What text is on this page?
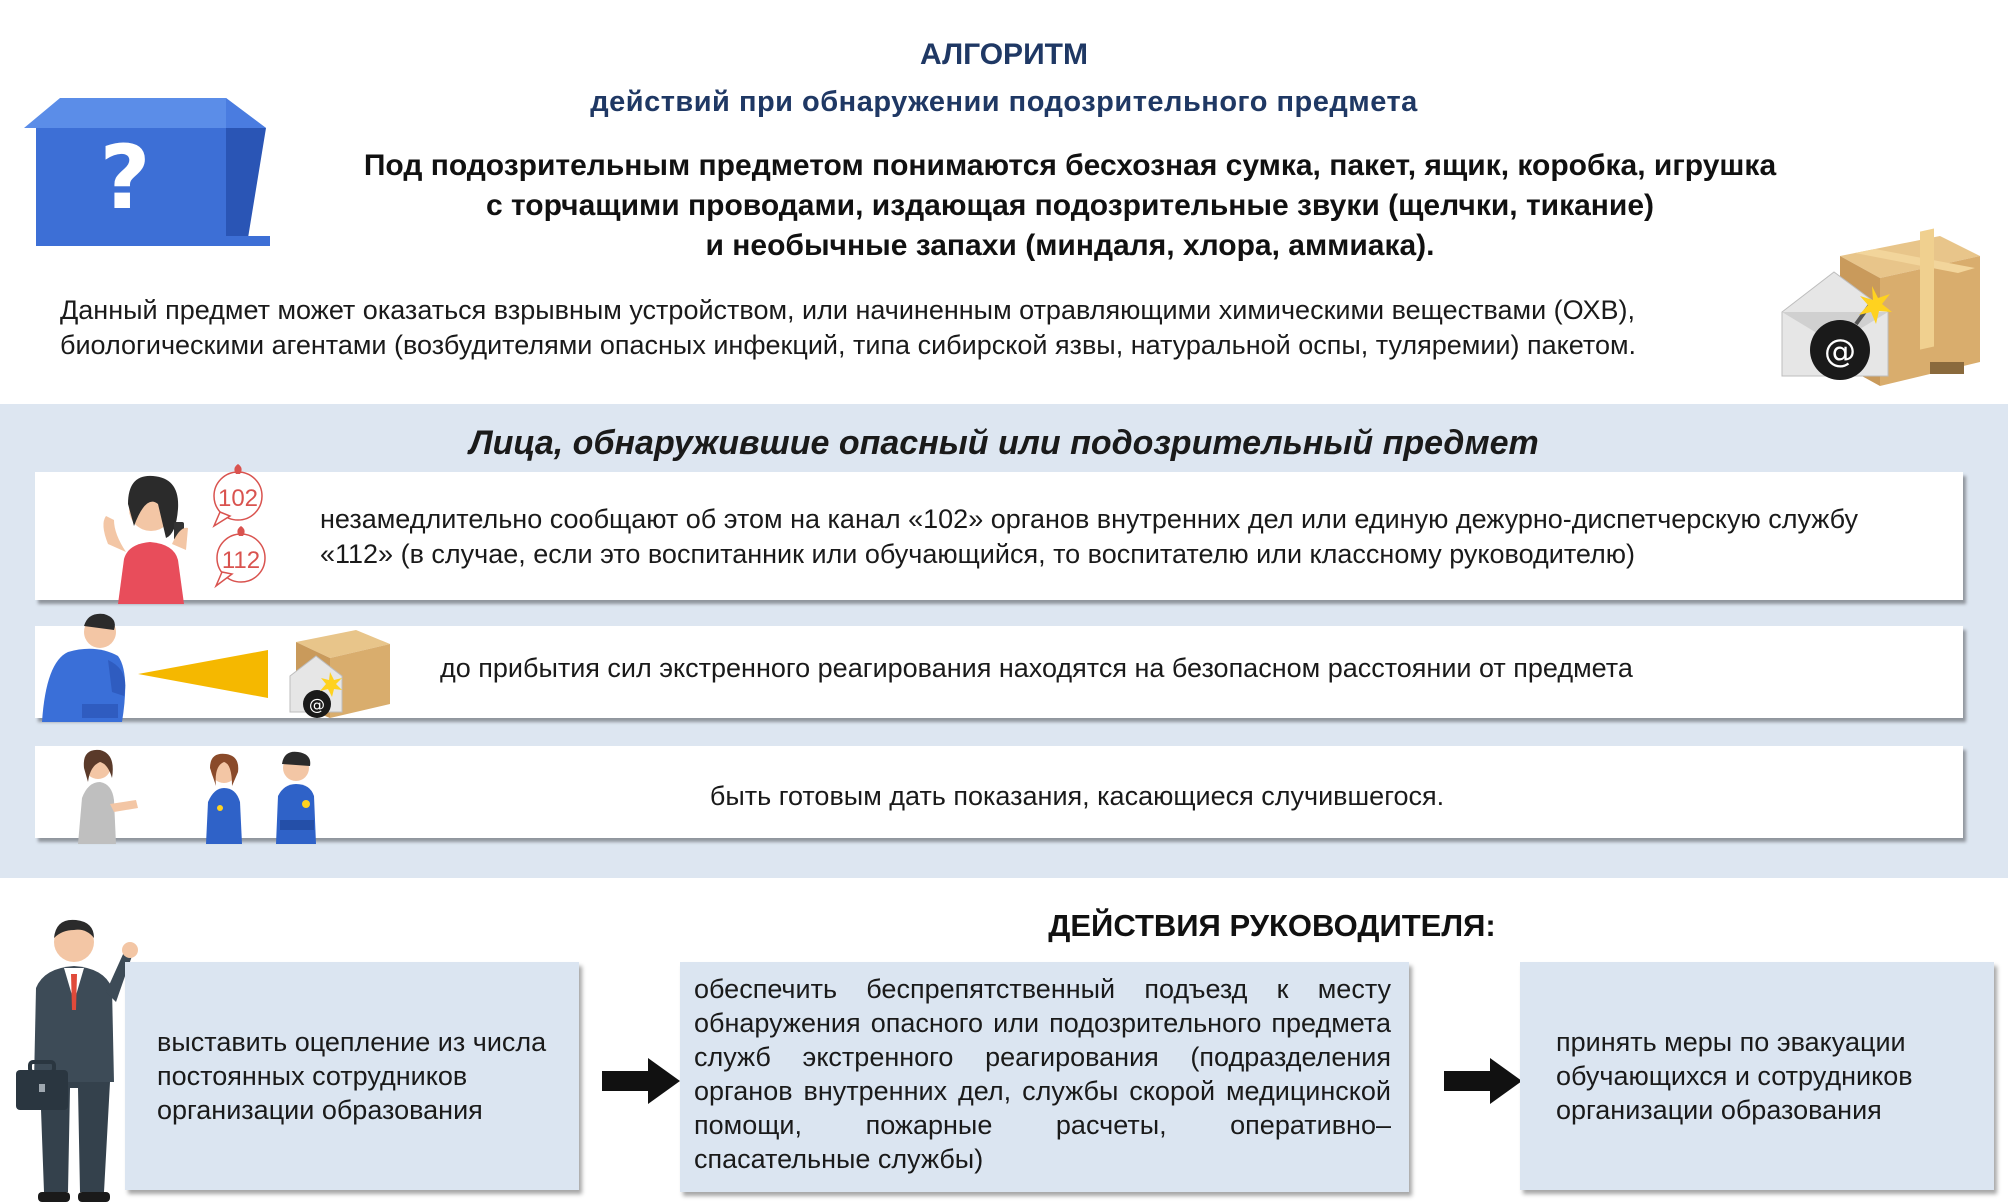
АЛГОРИТМ
действий при обнаружении подозрительного предмета
?	Под подозрительным предметом понимаются бесхозная сумка, пакет, ящик, коробка, игрушка
с торчащими проводами, издающая подозрительные звуки (щелчки, тикание)
и необычные запахи (миндаля, хлора, аммиака).
Данный предмет может оказаться взрывным устройством, или начиненным отравляющими химическими веществами (ОХВ), биологическими агентами (возбудителями опасных инфекций, типа сибирской язвы, натуральной оспы, туляремии) пакетом.	@
Лица, обнаружившие опасный или подозрительный предмет
102
112
незамедлительно сообщают об этом на канал «102» органов внутренних дел или единую дежурно-диспетчерскую службу «112» (в случае, если это воспитанник или обучающийся, то воспитателю или классному руководителю)
@
до прибытия сил экстренного реагирования находятся на безопасном расстоянии от предмета
быть готовым дать показания, касающиеся случившегося.
ДЕЙСТВИЯ РУКОВОДИТЕЛЯ:
выставить оцепление из числа постоянных сотрудников организации образования
обеспечить беспрепятственный подъезд к месту обнаружения опасного или подозрительного предмета служб экстренного реагирования (подразделения органов внутренних дел, службы скорой медицинской помощи, пожарные расчеты, оперативно–спасательные службы)
принять меры по эвакуации обучающихся и сотрудников организации образования
